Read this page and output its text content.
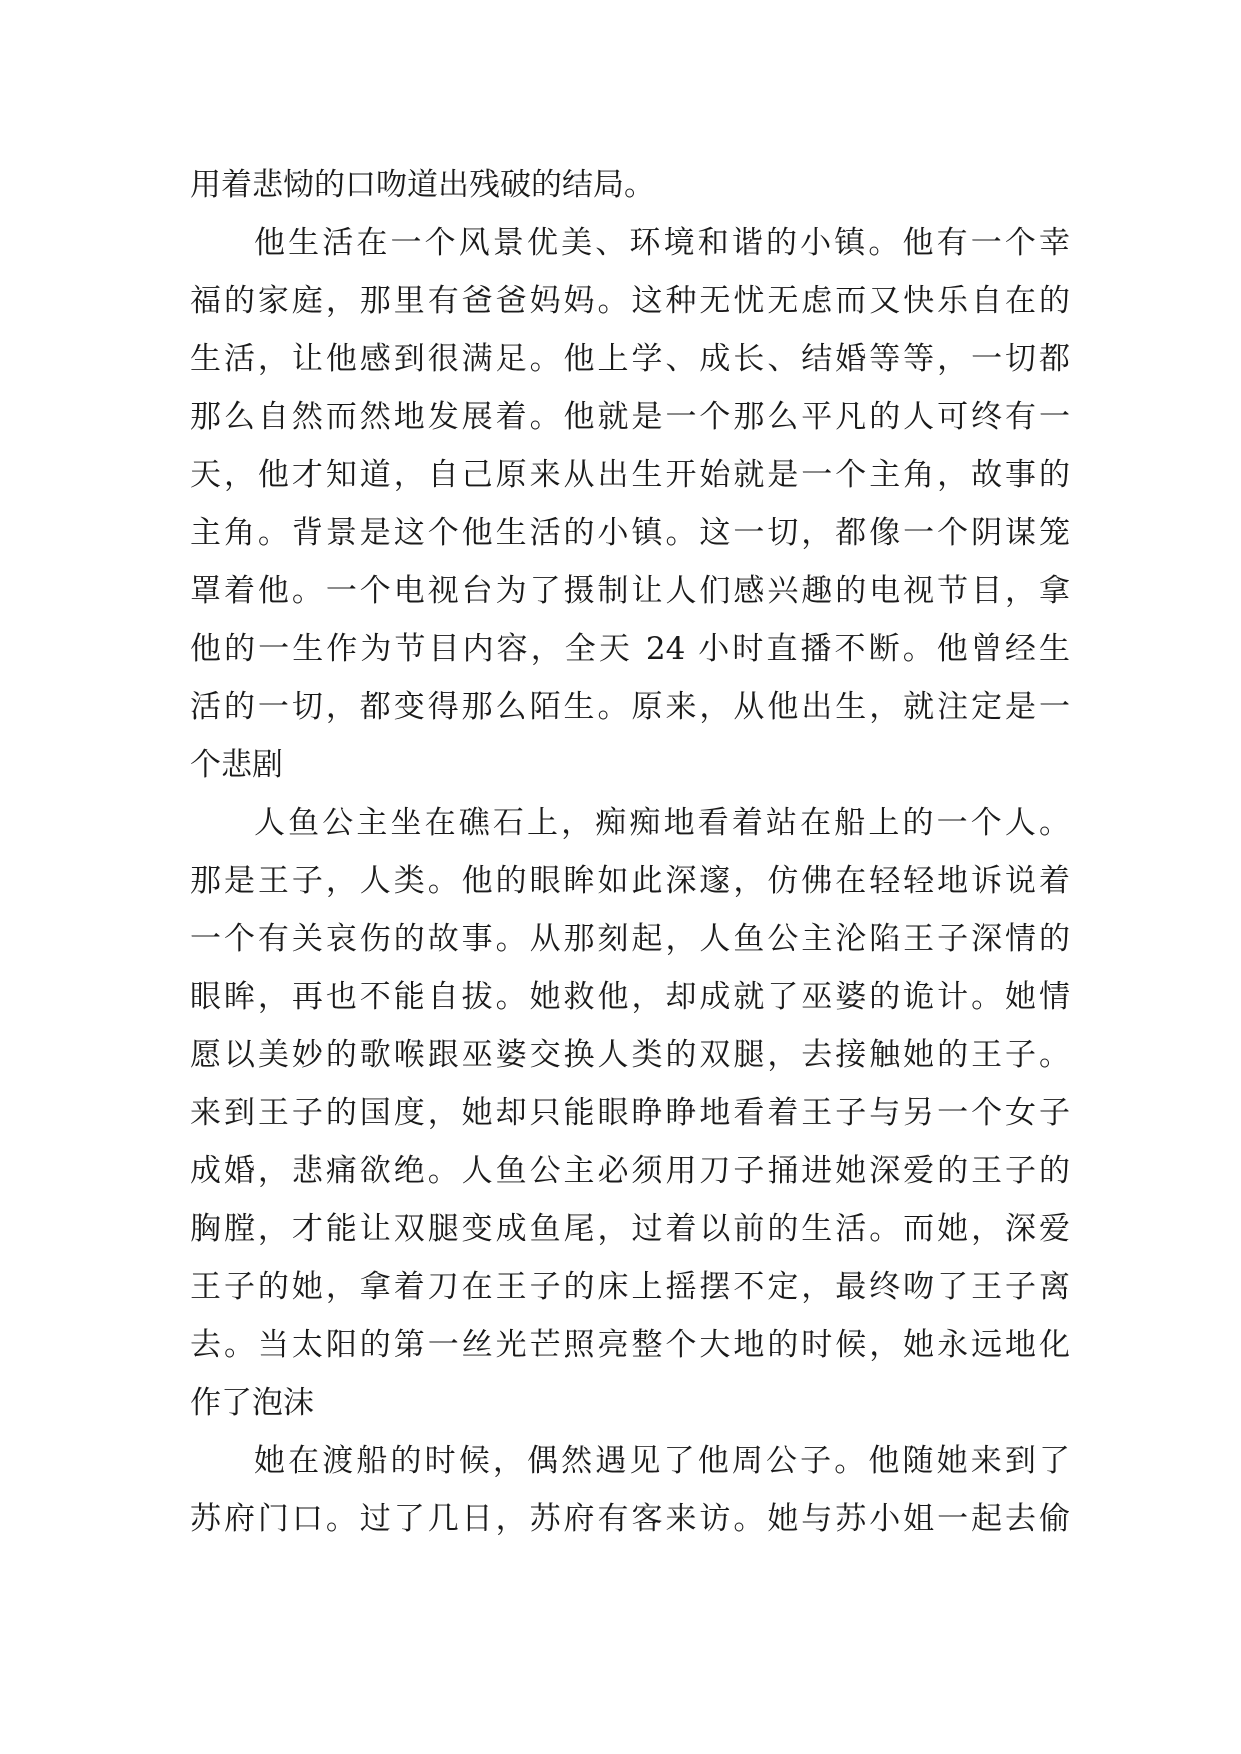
用着悲恸的口吻道出残破的结局。
他生活在一个风景优美、环境和谐的小镇。他有一个幸
福的家庭，那里有爸爸妈妈。这种无忧无虑而又快乐自在的
生活，让他感到很满足。他上学、成长、结婚等等，一切都
那么自然而然地发展着。他就是一个那么平凡的人可终有一
天，他才知道，自己原来从出生开始就是一个主角，故事的
主角。背景是这个他生活的小镇。这一切，都像一个阴谋笼
罩着他。一个电视台为了摄制让人们感兴趣的电视节目，拿
他的一生作为节目内容，全天 24 小时直播不断。他曾经生
活的一切，都变得那么陌生。原来，从他出生，就注定是一
个悲剧
人鱼公主坐在礁石上，痴痴地看着站在船上的一个人。
那是王子，人类。他的眼眸如此深邃，仿佛在轻轻地诉说着
一个有关哀伤的故事。从那刻起，人鱼公主沦陷王子深情的
眼眸，再也不能自拔。她救他，却成就了巫婆的诡计。她情
愿以美妙的歌喉跟巫婆交换人类的双腿，去接触她的王子。
来到王子的国度，她却只能眼睁睁地看着王子与另一个女子
成婚，悲痛欲绝。人鱼公主必须用刀子捅进她深爱的王子的
胸膛，才能让双腿变成鱼尾，过着以前的生活。而她，深爱
王子的她，拿着刀在王子的床上摇摆不定，最终吻了王子离
去。当太阳的第一丝光芒照亮整个大地的时候，她永远地化
作了泡沫
她在渡船的时候，偶然遇见了他周公子。他随她来到了
苏府门口。过了几日，苏府有客来访。她与苏小姐一起去偷
